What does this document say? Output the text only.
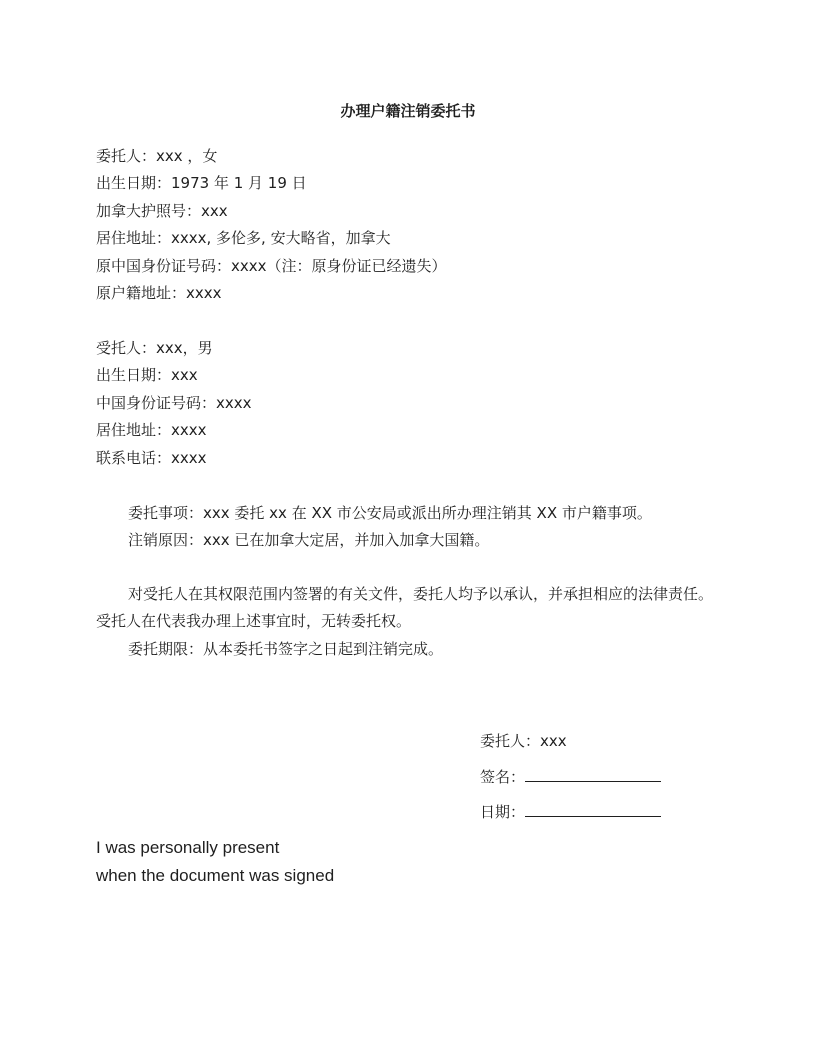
办理户籍注销委托书

委托人：xxx ，女

出生日期：1973 年 1 月 19 日

加拿大护照号：xxx

居住地址：xxxx, 多伦多, 安大略省，加拿大

原中国身份证号码：xxxx（注：原身份证已经遗失）

原户籍地址：xxxx

受托人：xxx，男

出生日期：xxx

中国身份证号码：xxxx

居住地址：xxxx

联系电话：xxxx

委托事项：xxx 委托 xx 在 XX 市公安局或派出所办理注销其 XX 市户籍事项。

注销原因：xxx 已在加拿大定居，并加入加拿大国籍。

对受托人在其权限范围内签署的有关文件，委托人均予以承认，并承担相应的法律责任。受托人在代表我办理上述事宜时，无转委托权。

委托期限：从本委托书签字之日起到注销完成。

委托人：xxx
签名：
日期：

I was personally present

when the document was signed
